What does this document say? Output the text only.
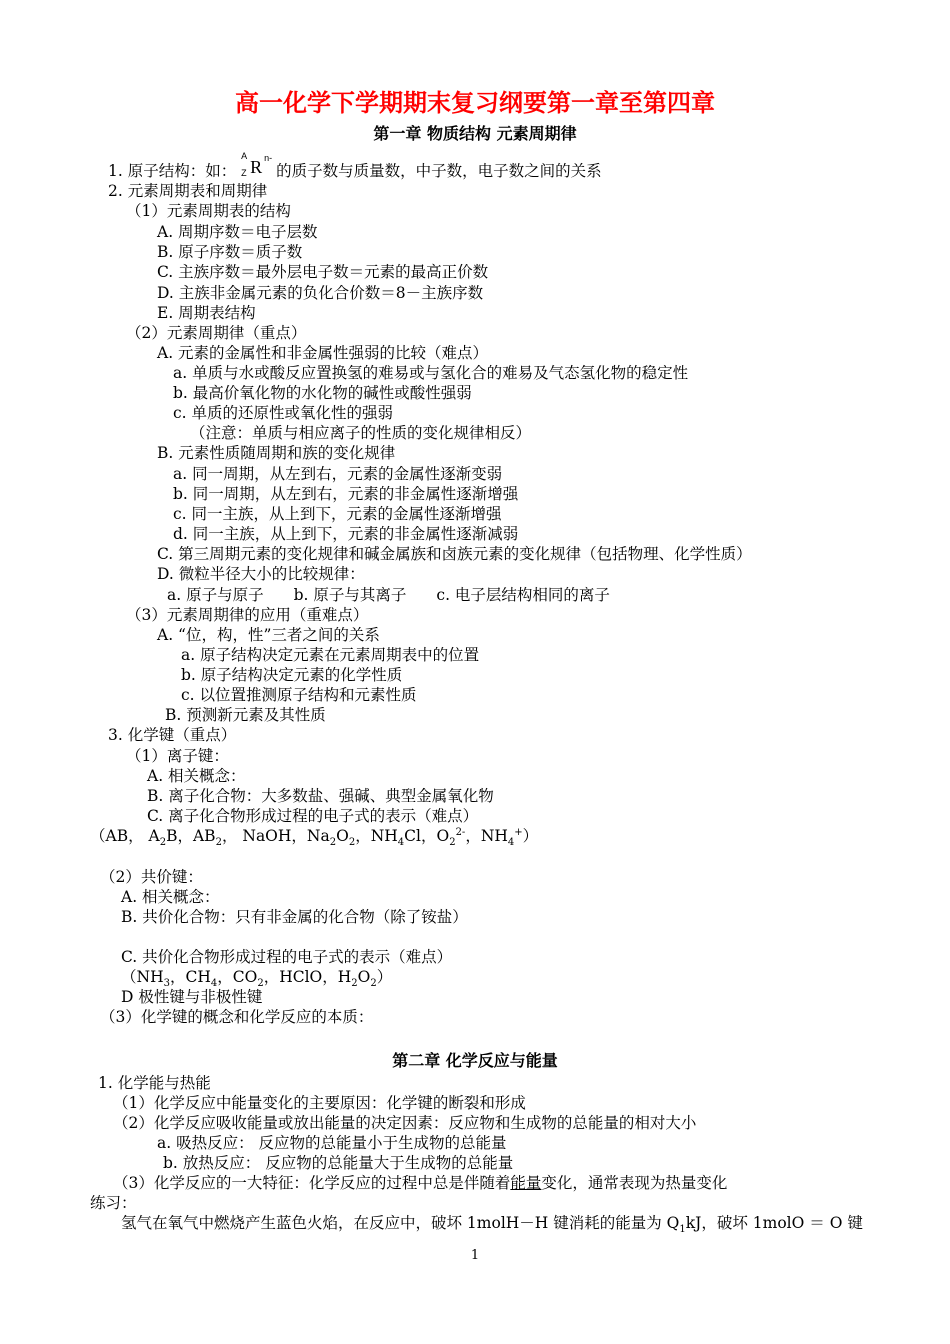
高一化学下学期期末复习纲要第一章至第四章
第一章 物质结构 元素周期律
1. 原子结构：如：
A
Z R n-
的质子数与质量数，中子数，电子数之间的关系
2. 元素周期表和周期律
（1）元素周期表的结构
A. 周期序数＝电子层数
B. 原子序数＝质子数
C. 主族序数＝最外层电子数＝元素的最高正价数
D. 主族非金属元素的负化合价数＝8－主族序数
E. 周期表结构
（2）元素周期律（重点）
A. 元素的金属性和非金属性强弱的比较（难点）
a. 单质与水或酸反应置换氢的难易或与氢化合的难易及气态氢化物的稳定性
b. 最高价氧化物的水化物的碱性或酸性强弱
c. 单质的还原性或氧化性的强弱
（注意：单质与相应离子的性质的变化规律相反）
B. 元素性质随周期和族的变化规律
a. 同一周期，从左到右，元素的金属性逐渐变弱
b. 同一周期，从左到右，元素的非金属性逐渐增强
c. 同一主族，从上到下，元素的金属性逐渐增强
d. 同一主族，从上到下，元素的非金属性逐渐减弱
C. 第三周期元素的变化规律和碱金属族和卤族元素的变化规律（包括物理、化学性质）
D. 微粒半径大小的比较规律：
a. 原子与原子 b. 原子与其离子 c. 电子层结构相同的离子
（3）元素周期律的应用（重难点）
A. “位，构，性”三者之间的关系
a. 原子结构决定元素在元素周期表中的位置
b. 原子结构决定元素的化学性质
c. 以位置推测原子结构和元素性质
B. 预测新元素及其性质
3. 化学键（重点）
（1）离子键：
A. 相关概念：
B. 离子化合物：大多数盐、强碱、典型金属氧化物
C. 离子化合物形成过程的电子式的表示（难点）
（AB， $A_2B$，$AB_2$， NaOH，$Na_2O_2$，$NH_4Cl$，$O_2^{2-}$，$NH_4^+$）
（2）共价键：
A. 相关概念：
B. 共价化合物：只有非金属的化合物（除了铵盐）
C. 共价化合物形成过程的电子式的表示（难点）
（$NH_3$，$CH_4$，$CO_2$，HClO，$H_2O_2$）
D 极性键与非极性键
（3）化学键的概念和化学反应的本质：
第二章 化学反应与能量
1. 化学能与热能
（1）化学反应中能量变化的主要原因：化学键的断裂和形成
（2）化学反应吸收能量或放出能量的决定因素：反应物和生成物的总能量的相对大小
a. 吸热反应： 反应物的总能量小于生成物的总能量
b. 放热反应： 反应物的总能量大于生成物的总能量
（3）化学反应的一大特征：化学反应的过程中总是伴随着能量变化，通常表现为热量变化
练习：
氢气在氧气中燃烧产生蓝色火焰，在反应中，破坏 1molH－H 键消耗的能量为 $Q_1kJ$，破坏 1molO ＝ O 键
1
